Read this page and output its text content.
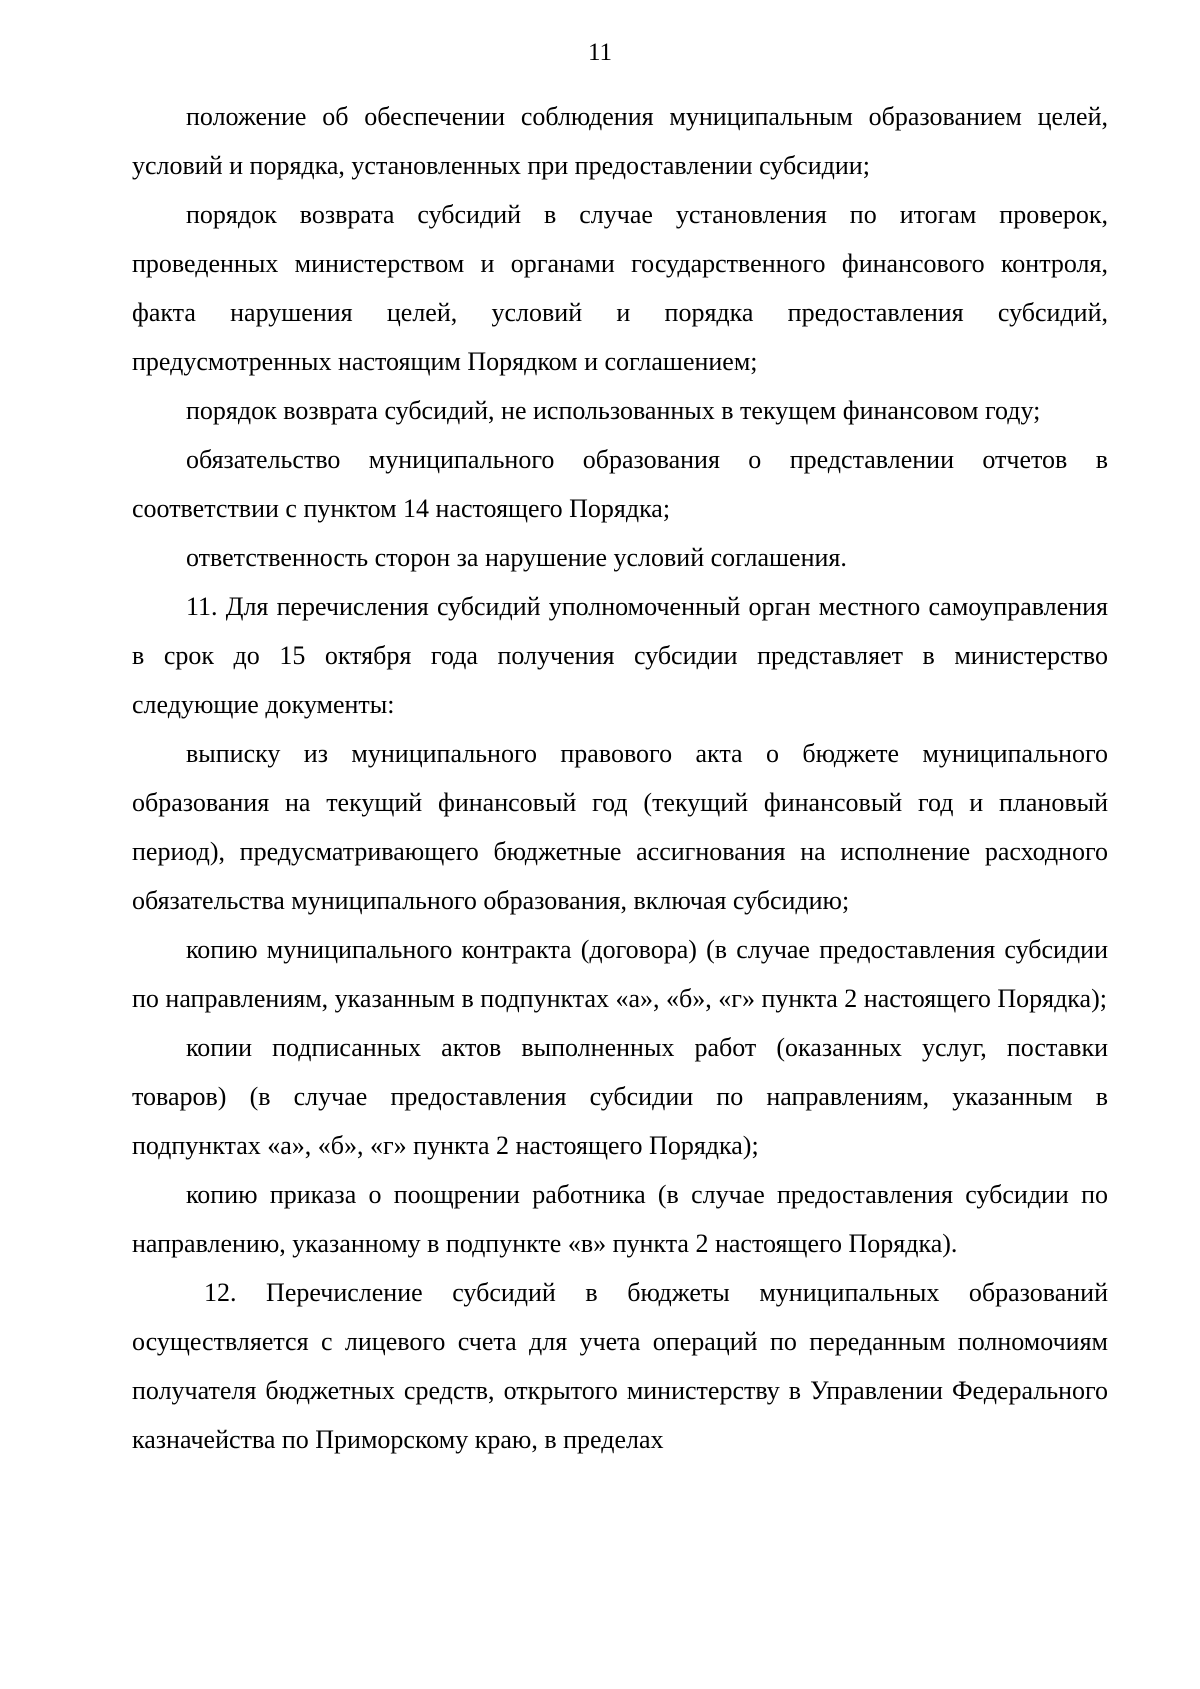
11

положение об обеспечении соблюдения муниципальным образованием целей, условий и порядка, установленных при предоставлении субсидии;

порядок возврата субсидий в случае установления по итогам проверок, проведенных министерством и органами государственного финансового контроля, факта нарушения целей, условий и порядка предоставления субсидий, предусмотренных настоящим Порядком и соглашением;

порядок возврата субсидий, не использованных в текущем финансовом году;

обязательство муниципального образования о представлении отчетов в соответствии с пунктом 14 настоящего Порядка;

ответственность сторон за нарушение условий соглашения.

11. Для перечисления субсидий уполномоченный орган местного самоуправления в срок до 15 октября года получения субсидии представляет в министерство следующие документы:

выписку из муниципального правового акта о бюджете муниципального образования на текущий финансовый год (текущий финансовый год и плановый период), предусматривающего бюджетные ассигнования на исполнение расходного обязательства муниципального образования, включая субсидию;

копию муниципального контракта (договора) (в случае предоставления субсидии по направлениям, указанным в подпунктах «а», «б», «г» пункта 2 настоящего Порядка);

копии подписанных актов выполненных работ (оказанных услуг, поставки товаров) (в случае предоставления субсидии по направлениям, указанным в подпунктах «а», «б», «г» пункта 2 настоящего Порядка);

копию приказа о поощрении работника (в случае предоставления субсидии по направлению, указанному в подпункте «в» пункта 2 настоящего Порядка).

12. Перечисление субсидий в бюджеты муниципальных образований осуществляется с лицевого счета для учета операций по переданным полномочиям получателя бюджетных средств, открытого министерству в Управлении Федерального казначейства по Приморскому краю, в пределах
